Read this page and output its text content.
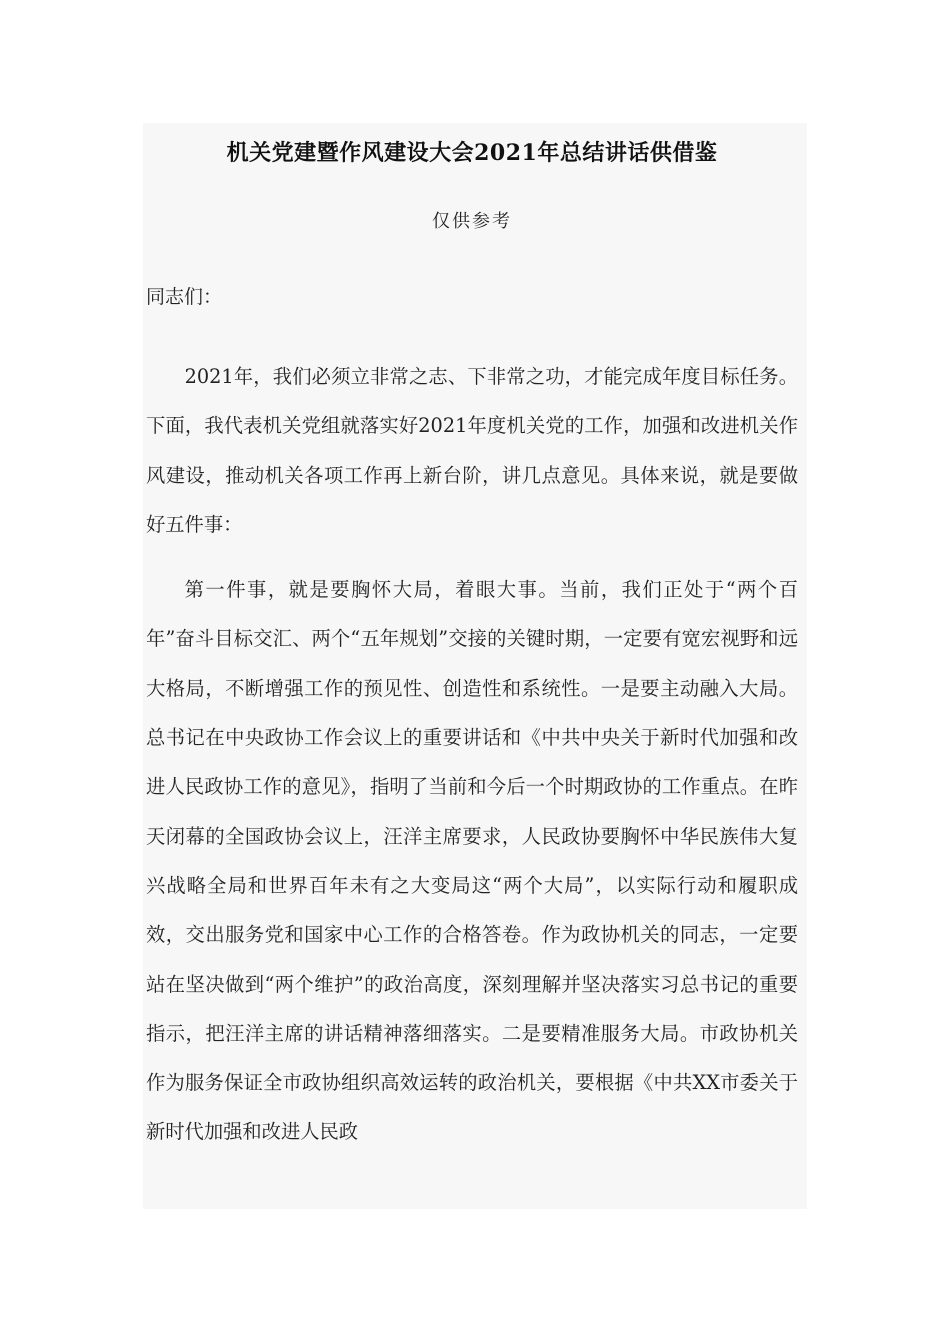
机关党建暨作风建设大会2021年总结讲话供借鉴

仅供参考

同志们：

2021年，我们必须立非常之志、下非常之功，才能完成年度目标任务。下面，我代表机关党组就落实好2021年度机关党的工作，加强和改进机关作风建设，推动机关各项工作再上新台阶，讲几点意见。具体来说，就是要做好五件事：

第一件事，就是要胸怀大局，着眼大事。当前，我们正处于“两个百年”奋斗目标交汇、两个“五年规划”交接的关键时期，一定要有宽宏视野和远大格局，不断增强工作的预见性、创造性和系统性。一是要主动融入大局。总书记在中央政协工作会议上的重要讲话和《中共中央关于新时代加强和改进人民政协工作的意见》，指明了当前和今后一个时期政协的工作重点。在昨天闭幕的全国政协会议上，汪洋主席要求，人民政协要胸怀中华民族伟大复兴战略全局和世界百年未有之大变局这“两个大局”，以实际行动和履职成效，交出服务党和国家中心工作的合格答卷。作为政协机关的同志，一定要站在坚决做到“两个维护”的政治高度，深刻理解并坚决落实习总书记的重要指示，把汪洋主席的讲话精神落细落实。二是要精准服务大局。市政协机关作为服务保证全市政协组织高效运转的政治机关，要根据《中共XX市委关于新时代加强和改进人民政
